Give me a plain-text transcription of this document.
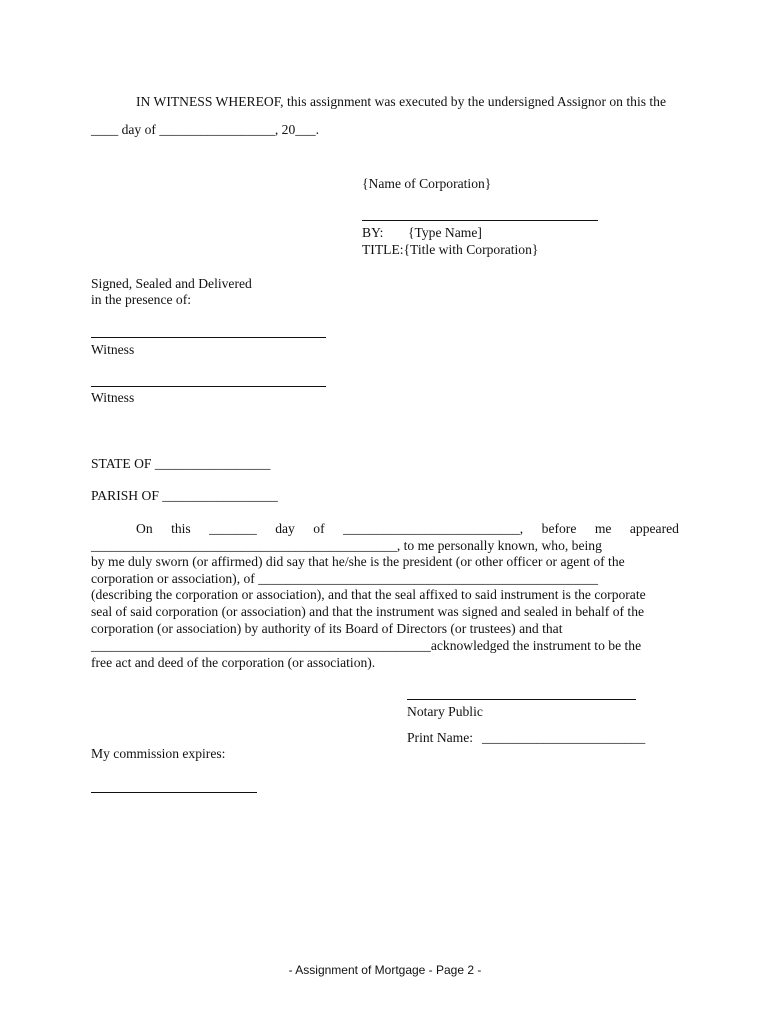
IN WITNESS WHEREOF, this assignment was executed by the undersigned Assignor on this the
____ day of _________________, 20___.
{Name of Corporation}
BY: {Type Name]
TITLE:{Title with Corporation}
Signed, Sealed and Delivered
in the presence of:
Witness
Witness
STATE OF _________________
PARISH OF _________________
On this _______ day of __________________________, before me appeared
_____________________________________________, to me personally known, who, being
by me duly sworn (or affirmed) did say that he/she is the president (or other officer or agent of the
corporation or association), of __________________________________________________
(describing the corporation or association), and that the seal affixed to said instrument is the corporate
seal of said corporation (or association) and that the instrument was signed and sealed in behalf of the
corporation (or association) by authority of its Board of Directors (or trustees) and that
__________________________________________________acknowledged the instrument to be the
free act and deed of the corporation (or association).
Notary Public
Print Name: ________________________
My commission expires:
- Assignment of Mortgage - Page 2 -
